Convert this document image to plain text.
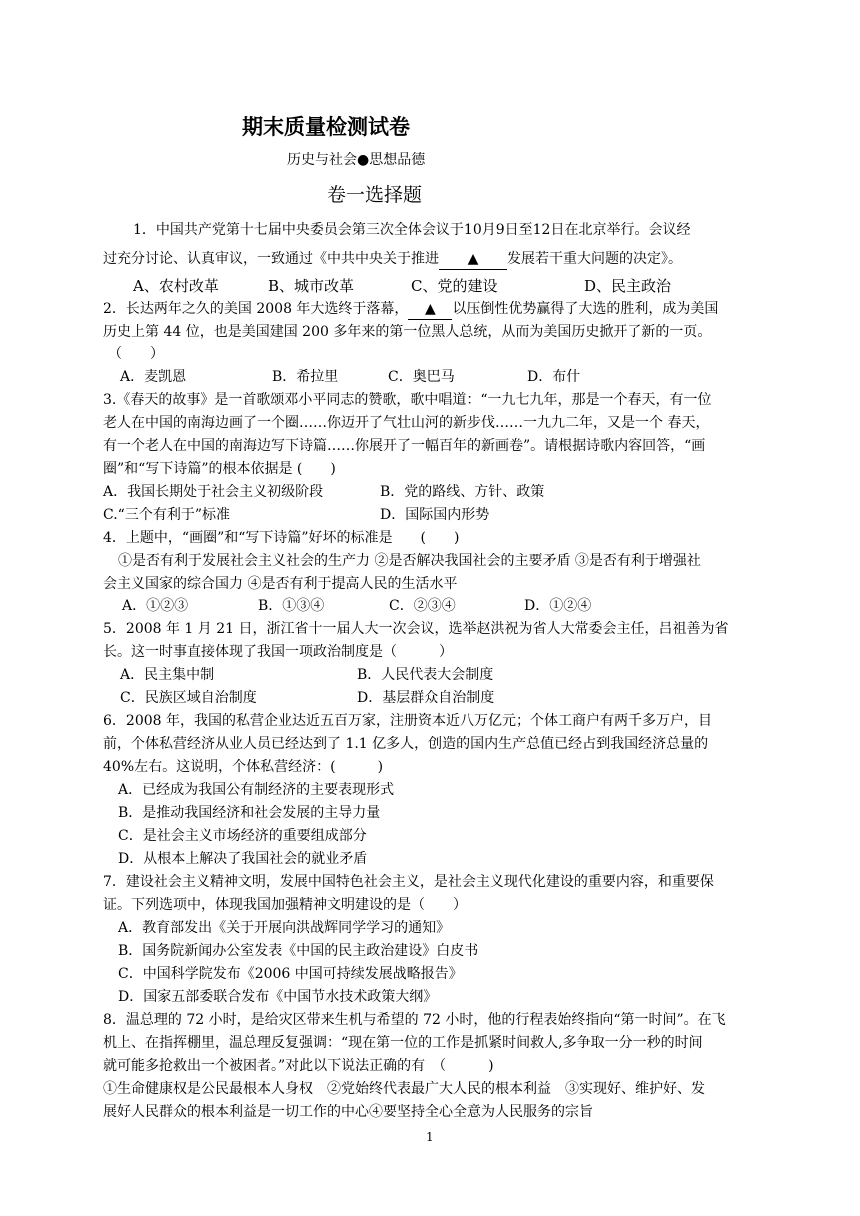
期末质量检测试卷
历史与社会●思想品德
卷一选择题
1．中国共产党第十七届中央委员会第三次全体会议于10月9日至12日在北京举行。会议经
过充分讨论、认真审议，一致通过《中共中央关于推进 ▲ 发展若干重大问题的决定》。
A、农村改革	B、城市改革	C、党的建设	D、民主政治
2．长达两年之久的美国 2008 年大选终于落幕， ▲ 以压倒性优势赢得了大选的胜利，成为美国
历史上第 44 位，也是美国建国 200 多年来的第一位黑人总统，从而为美国历史掀开了新的一页。
（　　）
A．麦凯恩	B．希拉里	C．奥巴马	D．布什
3.《春天的故事》是一首歌颂邓小平同志的赞歌，歌中唱道：“一九七九年，那是一个春天，有一位
老人在中国的南海边画了一个圈……你迈开了气壮山河的新步伐……一九九二年，又是一个 春天，
有一个老人在中国的南海边写下诗篇……你展开了一幅百年的新画卷”。请根据诗歌内容回答，“画
圈”和“写下诗篇”的根本依据是 (　　)
A．我国长期处于社会主义初级阶段	B．党的路线、方针、政策
C.“三个有利于”标准	D．国际国内形势
4．上题中，“画圈”和“写下诗篇”好坏的标准是　　(　　)
①是否有利于发展社会主义社会的生产力 ②是否解决我国社会的主要矛盾 ③是否有利于增强社
会主义国家的综合国力 ④是否有利于提高人民的生活水平
A．①②③	B．①③④	C．②③④	D．①②④
5．2008 年 1 月 21 日，浙江省十一届人大一次会议，选举赵洪祝为省人大常委会主任，吕祖善为省
长。这一时事直接体现了我国一项政治制度是（　　　）
A．民主集中制	B．人民代表大会制度
C．民族区域自治制度	D．基层群众自治制度
6．2008 年，我国的私营企业达近五百万家，注册资本近八万亿元；个体工商户有两千多万户，目
前，个体私营经济从业人员已经达到了 1.1 亿多人，创造的国内生产总值已经占到我国经济总量的
40%左右。这说明，个体私营经济：(　　　)
A．已经成为我国公有制经济的主要表现形式
B．是推动我国经济和社会发展的主导力量
C．是社会主义市场经济的重要组成部分
D．从根本上解决了我国社会的就业矛盾
7．建设社会主义精神文明，发展中国特色社会主义，是社会主义现代化建设的重要内容，和重要保
证。下列选项中，体现我国加强精神文明建设的是（　　）
A．教育部发出《关于开展向洪战辉同学学习的通知》
B．国务院新闻办公室发表《中国的民主政治建设》白皮书
C．中国科学院发布《2006 中国可持续发展战略报告》
D．国家五部委联合发布《中国节水技术政策大纲》
8．温总理的 72 小时，是给灾区带来生机与希望的 72 小时，他的行程表始终指向“第一时间”。在飞
机上、在指挥棚里，温总理反复强调：“现在第一位的工作是抓紧时间救人,多争取一分一秒的时间
就可能多抢救出一个被困者。”对此以下说法正确的有　（　　　)
①生命健康权是公民最根本人身权　②党始终代表最广大人民的根本利益　③实现好、维护好、发
展好人民群众的根本利益是一切工作的中心④要坚持全心全意为人民服务的宗旨
1
